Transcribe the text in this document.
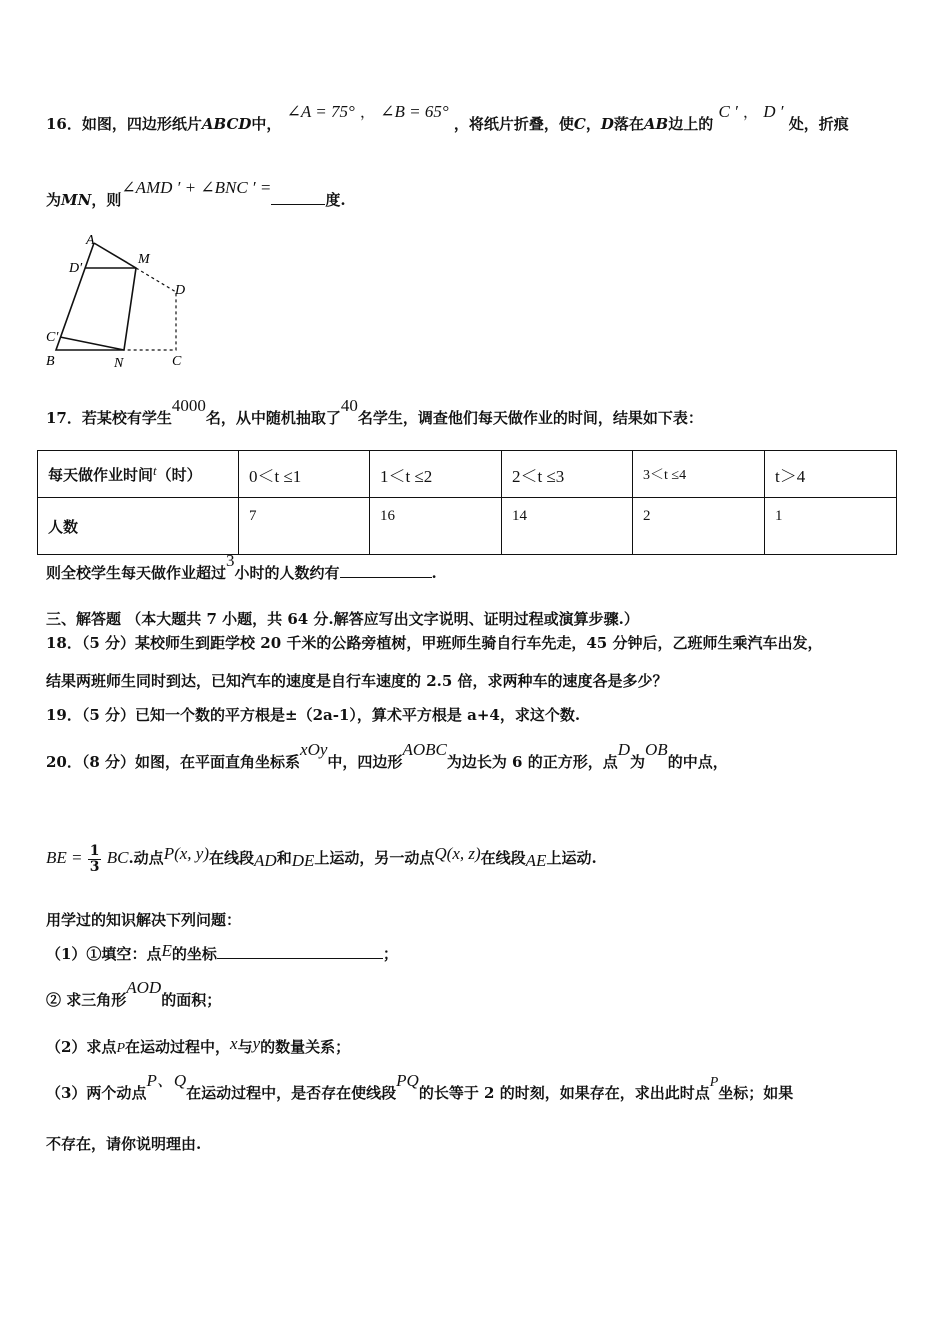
16．如图，四边形纸片ABCD中， ∠A = 75° ， ∠B = 65° ，将纸片折叠，使C，D落在AB边上的 C ′ ， D ′ 处，折痕
为MN，则∠AMD ′ + ∠BNC ′ =度.
A
D′
M
D
C′
B	N	C
17．若某校有学生4000名，从中随机抽取了40名学生，调查他们每天做作业的时间，结果如下表：
每天做作业时间t（时）	0＜t ≤1	1＜t ≤2	2＜t ≤3	3＜t ≤4	t＞4
人数	7	16	14	2	1
则全校学生每天做作业超过3小时的人数约有	.
三、解答题 （本大题共 7 小题，共 64 分.解答应写出文字说明、证明过程或演算步骤.）
18．（5 分）某校师生到距学校 20 千米的公路旁植树，甲班师生骑自行车先走，45 分钟后，乙班师生乘汽车出发，
结果两班师生同时到达，已知汽车的速度是自行车速度的 2.5 倍，求两种车的速度各是多少？
19．（5 分）已知一个数的平方根是±（2a-1），算术平方根是 a+4，求这个数.
20．（8 分）如图，在平面直角坐标系xOy中，四边形AOBC为边长为 6 的正方形，点D为OB的中点，
BE = $\frac{1}{3}$ BC.动点P(x, y)在线段AD和DE上运动，另一动点Q(x, z)在线段AE上运动.
用学过的知识解决下列问题：
（1）①填空：点E的坐标	；
② 求三角形AOD的面积；
（2）求点P在运动过程中，x与y的数量关系；
（3）两个动点P、Q在运动过程中，是否存在使线段PQ的长等于 2 的时刻，如果存在，求出此时点P坐标；如果
不存在，请你说明理由.
